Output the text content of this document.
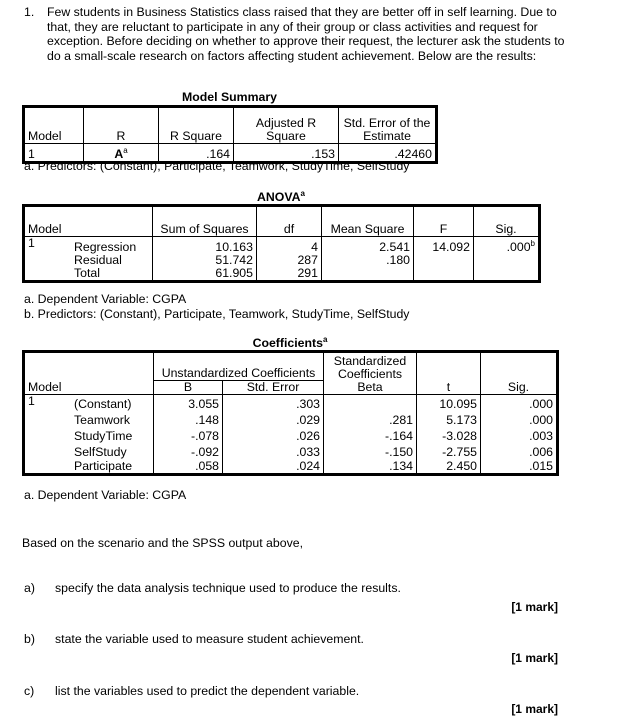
1. Few students in Business Statistics class raised that they are better off in self learning. Due to that, they are reluctant to participate in any of their group or class activities and request for exception. Before deciding on whether to approve their request, the lecturer ask the students to do a small-scale research on factors affecting student achievement. Below are the results:
Model Summary
Model	R	R Square	Adjusted R Square	Std. Error of the Estimate
1	$A^a$	.164	.153	.42460
a. Predictors: (Constant), Participate, Teamwork, StudyTime, SelfStudy
ANOVA$^a$
Model		Sum of Squares	df	Mean Square	F	Sig.
1	Regression	10.163	4	2.541	14.092	.000$^b$
	Residual	51.742	287	.180		
	Total	61.905	291			
a. Dependent Variable: CGPA
b. Predictors: (Constant), Participate, Teamwork, StudyTime, SelfStudy
Coefficients$^a$
Model		Unstandardized Coefficients		Standardized Coefficients	t	Sig.
		B	Std. Error	Beta		
1	(Constant)	3.055	.303		10.095	.000
	Teamwork	.148	.029	.281	5.173	.000
	StudyTime	-.078	.026	-.164	-3.028	.003
	SelfStudy	-.092	.033	-.150	-2.755	.006
	Participate	.058	.024	.134	2.450	.015
a. Dependent Variable: CGPA
Based on the scenario and the SPSS output above,
a) specify the data analysis technique used to produce the results.
[1 mark]
b) state the variable used to measure student achievement.
[1 mark]
c) list the variables used to predict the dependent variable.
[1 mark]
